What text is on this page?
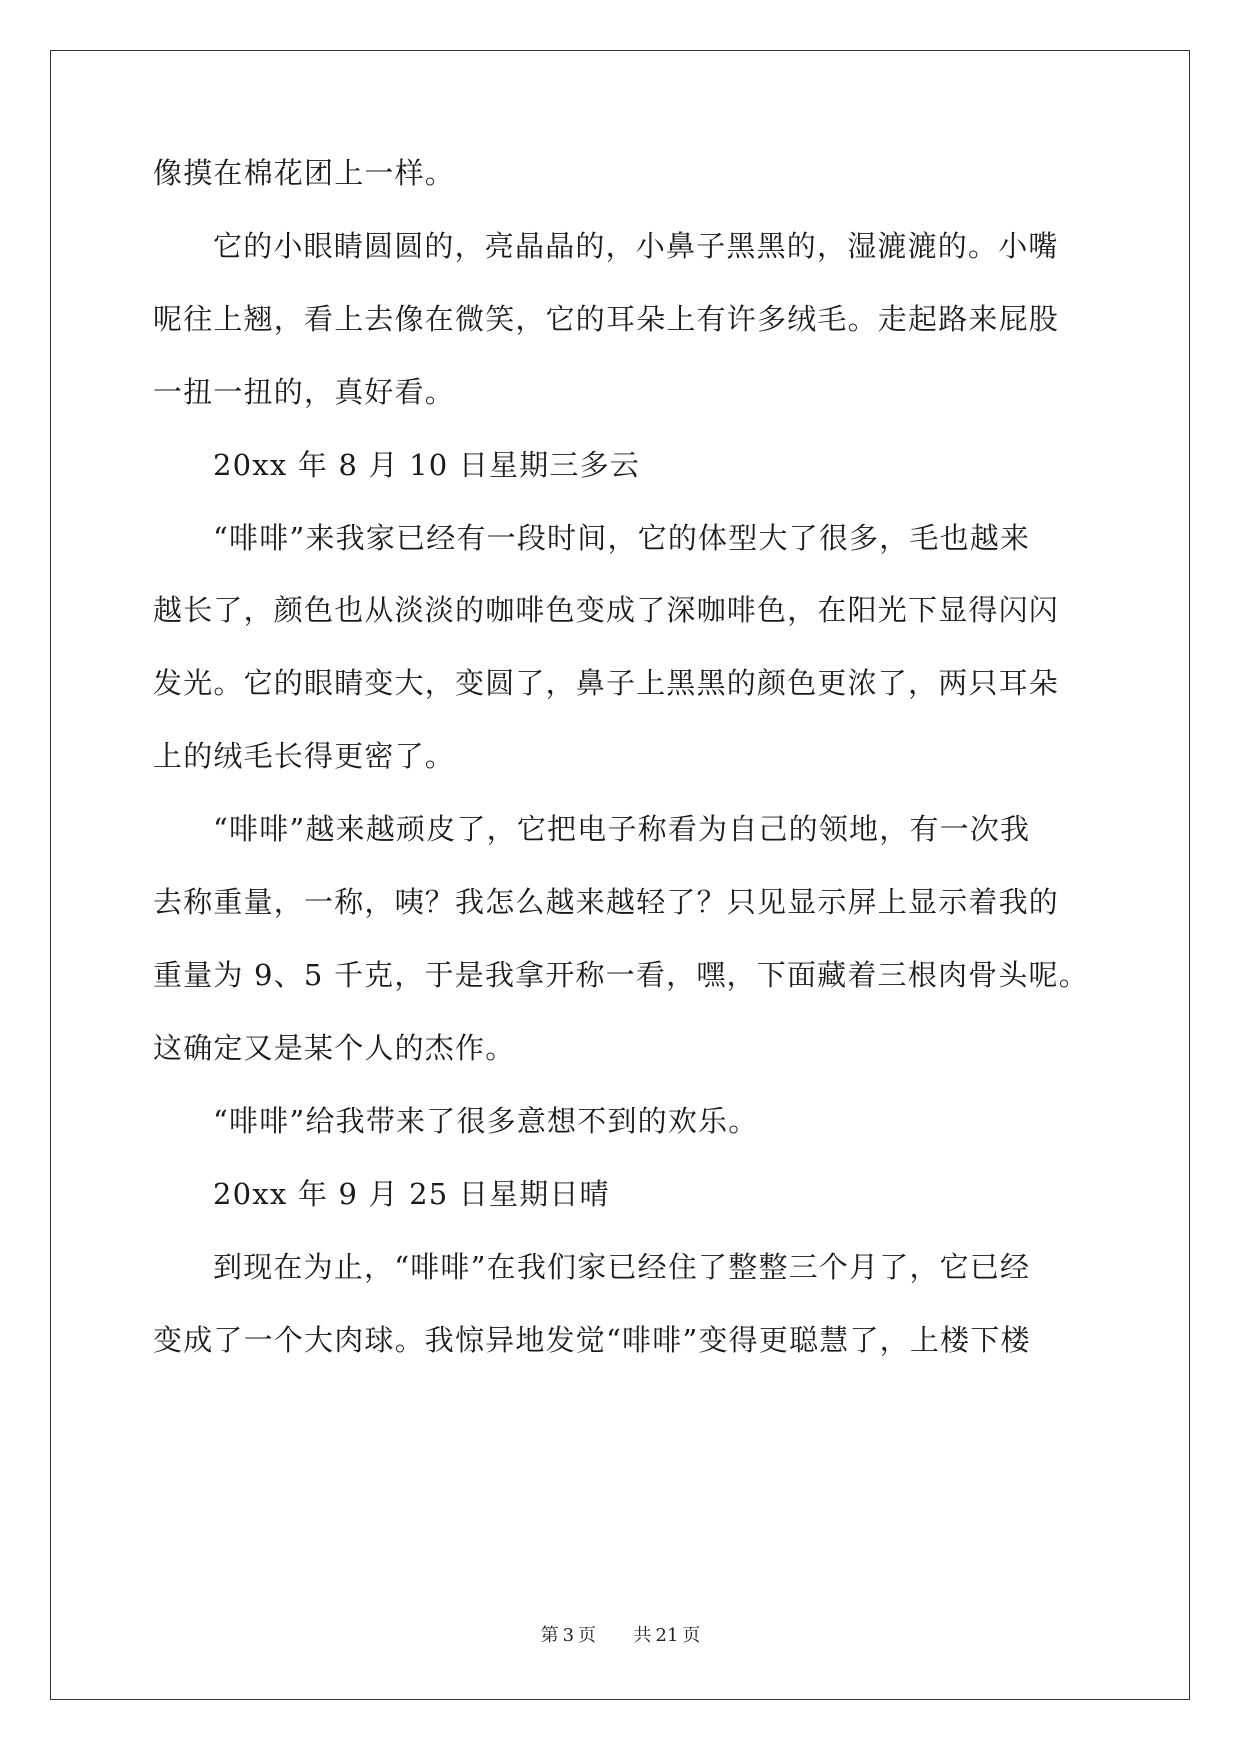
像摸在棉花团上一样。
它的小眼睛圆圆的，亮晶晶的，小鼻子黑黑的，湿漉漉的。小嘴
呢往上翘，看上去像在微笑，它的耳朵上有许多绒毛。走起路来屁股
一扭一扭的，真好看。
20xx 年 8 月 10 日星期三多云
“啡啡”来我家已经有一段时间，它的体型大了很多，毛也越来
越长了，颜色也从淡淡的咖啡色变成了深咖啡色，在阳光下显得闪闪
发光。它的眼睛变大，变圆了，鼻子上黑黑的颜色更浓了，两只耳朵
上的绒毛长得更密了。
“啡啡”越来越顽皮了，它把电子称看为自己的领地，有一次我
去称重量，一称，咦？我怎么越来越轻了？只见显示屏上显示着我的
重量为 9、5 千克，于是我拿开称一看，嘿，下面藏着三根肉骨头呢。
这确定又是某个人的杰作。
“啡啡”给我带来了很多意想不到的欢乐。
20xx 年 9 月 25 日星期日晴
到现在为止，“啡啡”在我们家已经住了整整三个月了，它已经
变成了一个大肉球。我惊异地发觉“啡啡”变得更聪慧了，上楼下楼
第 3 页 共 21 页
